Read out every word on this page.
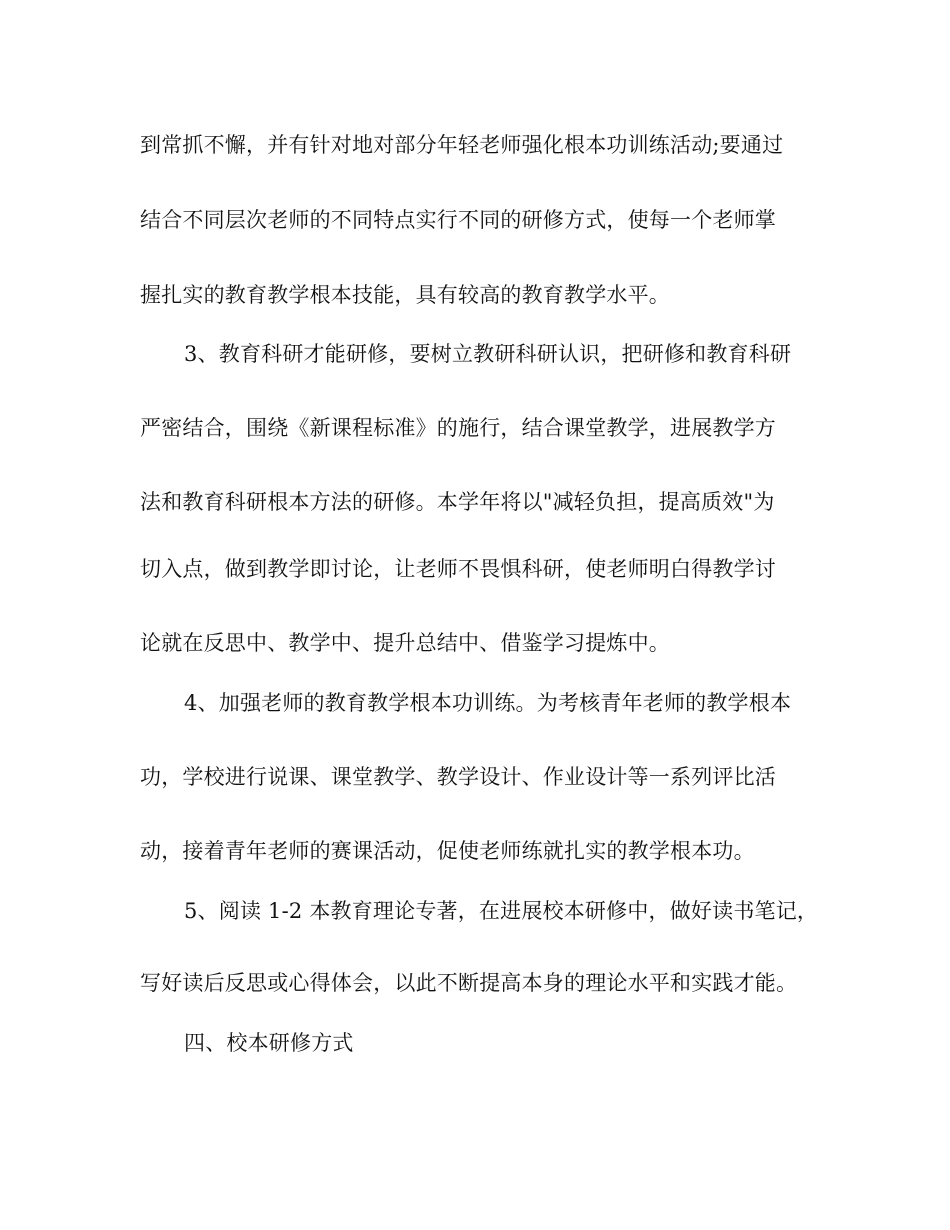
到常抓不懈，并有针对地对部分年轻老师强化根本功训练活动;要通过
结合不同层次老师的不同特点实行不同的研修方式，使每一个老师掌
握扎实的教育教学根本技能，具有较高的教育教学水平。
3、教育科研才能研修，要树立教研科研认识，把研修和教育科研
严密结合，围绕《新课程标准》的施行，结合课堂教学，进展教学方
法和教育科研根本方法的研修。本学年将以"减轻负担，提高质效"为
切入点，做到教学即讨论，让老师不畏惧科研，使老师明白得教学讨
论就在反思中、教学中、提升总结中、借鉴学习提炼中。
4、加强老师的教育教学根本功训练。为考核青年老师的教学根本
功，学校进行说课、课堂教学、教学设计、作业设计等一系列评比活
动，接着青年老师的赛课活动，促使老师练就扎实的教学根本功。
5、阅读 1-2 本教育理论专著，在进展校本研修中，做好读书笔记，
写好读后反思或心得体会，以此不断提高本身的理论水平和实践才能。
四、校本研修方式
